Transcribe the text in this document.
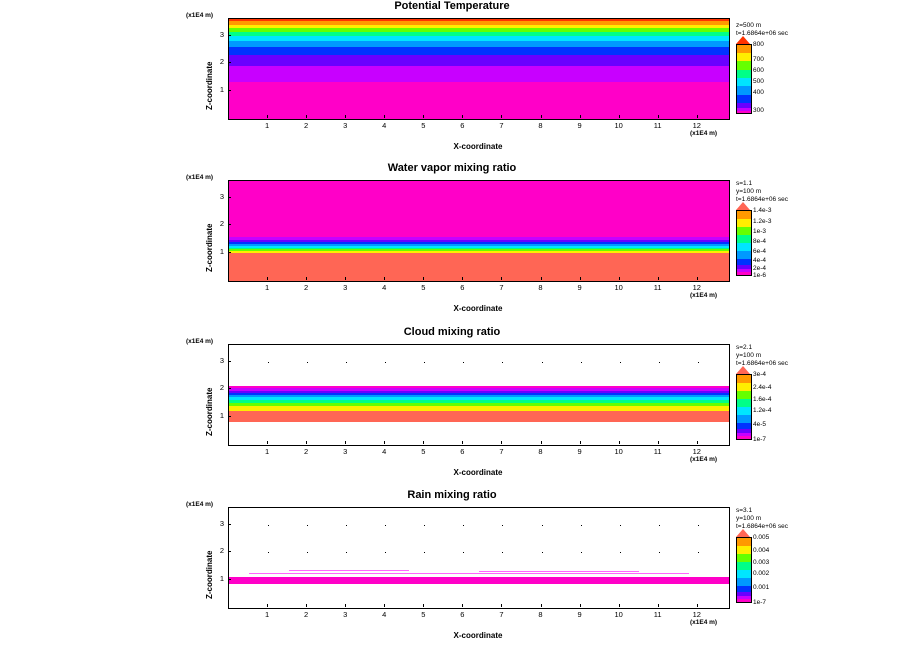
Potential Temperature
(x1E4 m)
Z-coordinate
X-coordinate
(x1E4 m)
800
700
600
500
400
300
z=500 m
t=1.6864e+06 sec
Water vapor mixing ratio
(x1E4 m)
Z-coordinate
X-coordinate
(x1E4 m)
1.4e-3
1.2e-3
1e-3
8e-4
6e-4
4e-4
2e-4
1e-6
s=1.1
y=100 m
t=1.6864e+06 sec
Cloud mixing ratio
(x1E4 m)
Z-coordinate
X-coordinate
(x1E4 m)
3e-4
2.4e-4
1.6e-4
1.2e-4
4e-5
1e-7
s=2.1
y=100 m
t=1.6864e+06 sec
Rain mixing ratio
(x1E4 m)
Z-coordinate
X-coordinate
(x1E4 m)
0.005
0.004
0.003
0.002
0.001
1e-7
s=3.1
y=100 m
t=1.6864e+06 sec
1	2	3	4	5	6	7	8	9	10	11	12
1
2
3
1	2	3	4	5	6	7	8	9	10	11	12
1
2
3
1	2	3	4	5	6	7	8	9	10	11	12
1
2
3
1	2	3	4	5	6	7	8	9	10	11	12
1
2
3
